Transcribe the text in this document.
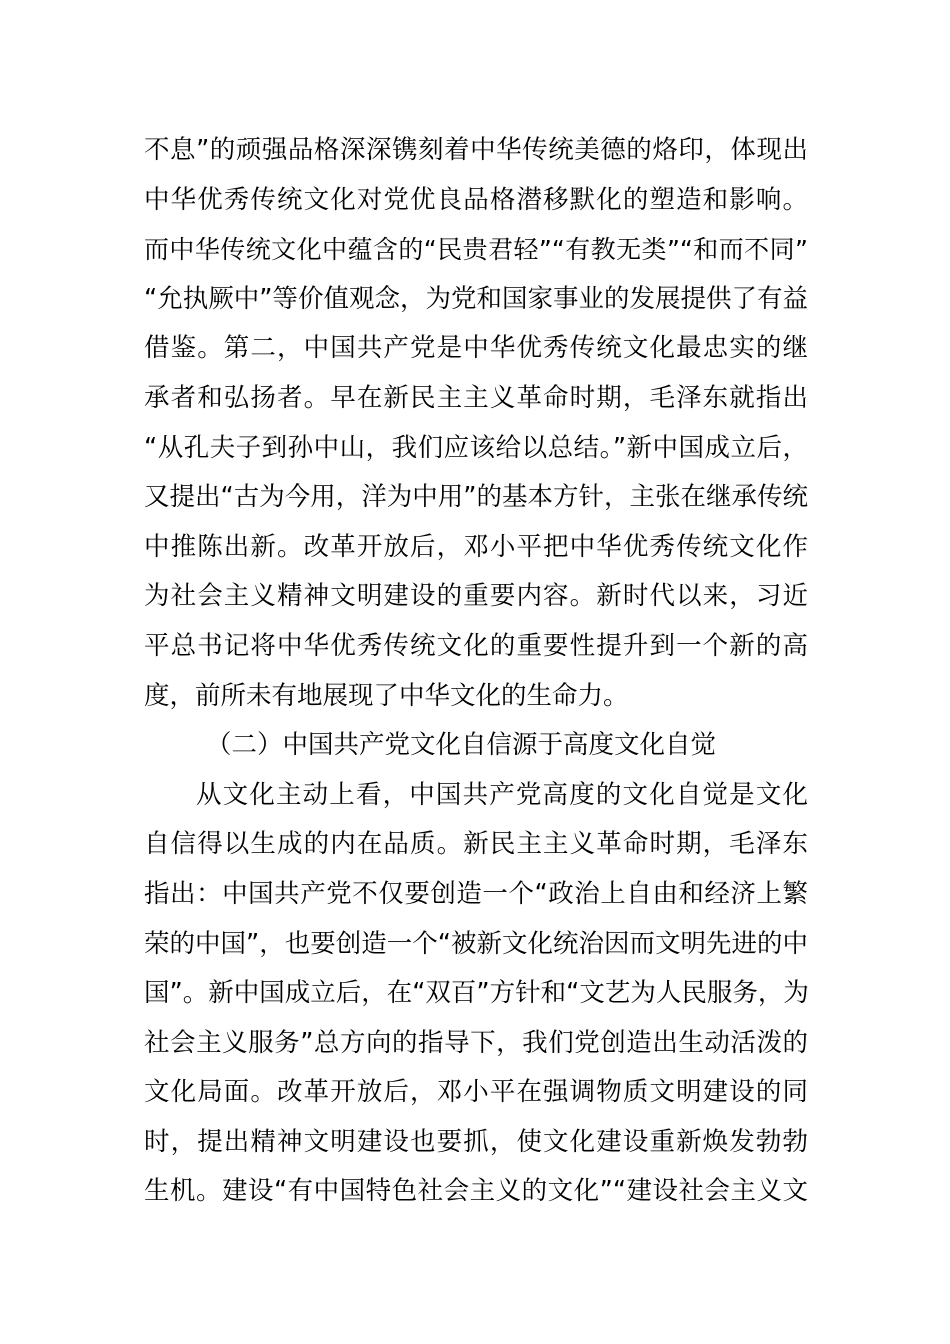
不息”的顽强品格深深镌刻着中华传统美德的烙印，体现出
中华优秀传统文化对党优良品格潜移默化的塑造和影响。
而中华传统文化中蕴含的“民贵君轻”“有教无类”“和而不同”
“允执厥中”等价值观念，为党和国家事业的发展提供了有益
借鉴。第二，中国共产党是中华优秀传统文化最忠实的继
承者和弘扬者。早在新民主主义革命时期，毛泽东就指出
“从孔夫子到孙中山，我们应该给以总结。”新中国成立后，
又提出“古为今用，洋为中用”的基本方针，主张在继承传统
中推陈出新。改革开放后，邓小平把中华优秀传统文化作
为社会主义精神文明建设的重要内容。新时代以来，习近
平总书记将中华优秀传统文化的重要性提升到一个新的高
度，前所未有地展现了中华文化的生命力。
（二）中国共产党文化自信源于高度文化自觉
从文化主动上看，中国共产党高度的文化自觉是文化
自信得以生成的内在品质。新民主主义革命时期，毛泽东
指出：中国共产党不仅要创造一个“政治上自由和经济上繁
荣的中国”，也要创造一个“被新文化统治因而文明先进的中
国”。新中国成立后，在“双百”方针和“文艺为人民服务，为
社会主义服务”总方向的指导下，我们党创造出生动活泼的
文化局面。改革开放后，邓小平在强调物质文明建设的同
时，提出精神文明建设也要抓，使文化建设重新焕发勃勃
生机。建设“有中国特色社会主义的文化”“建设社会主义文
